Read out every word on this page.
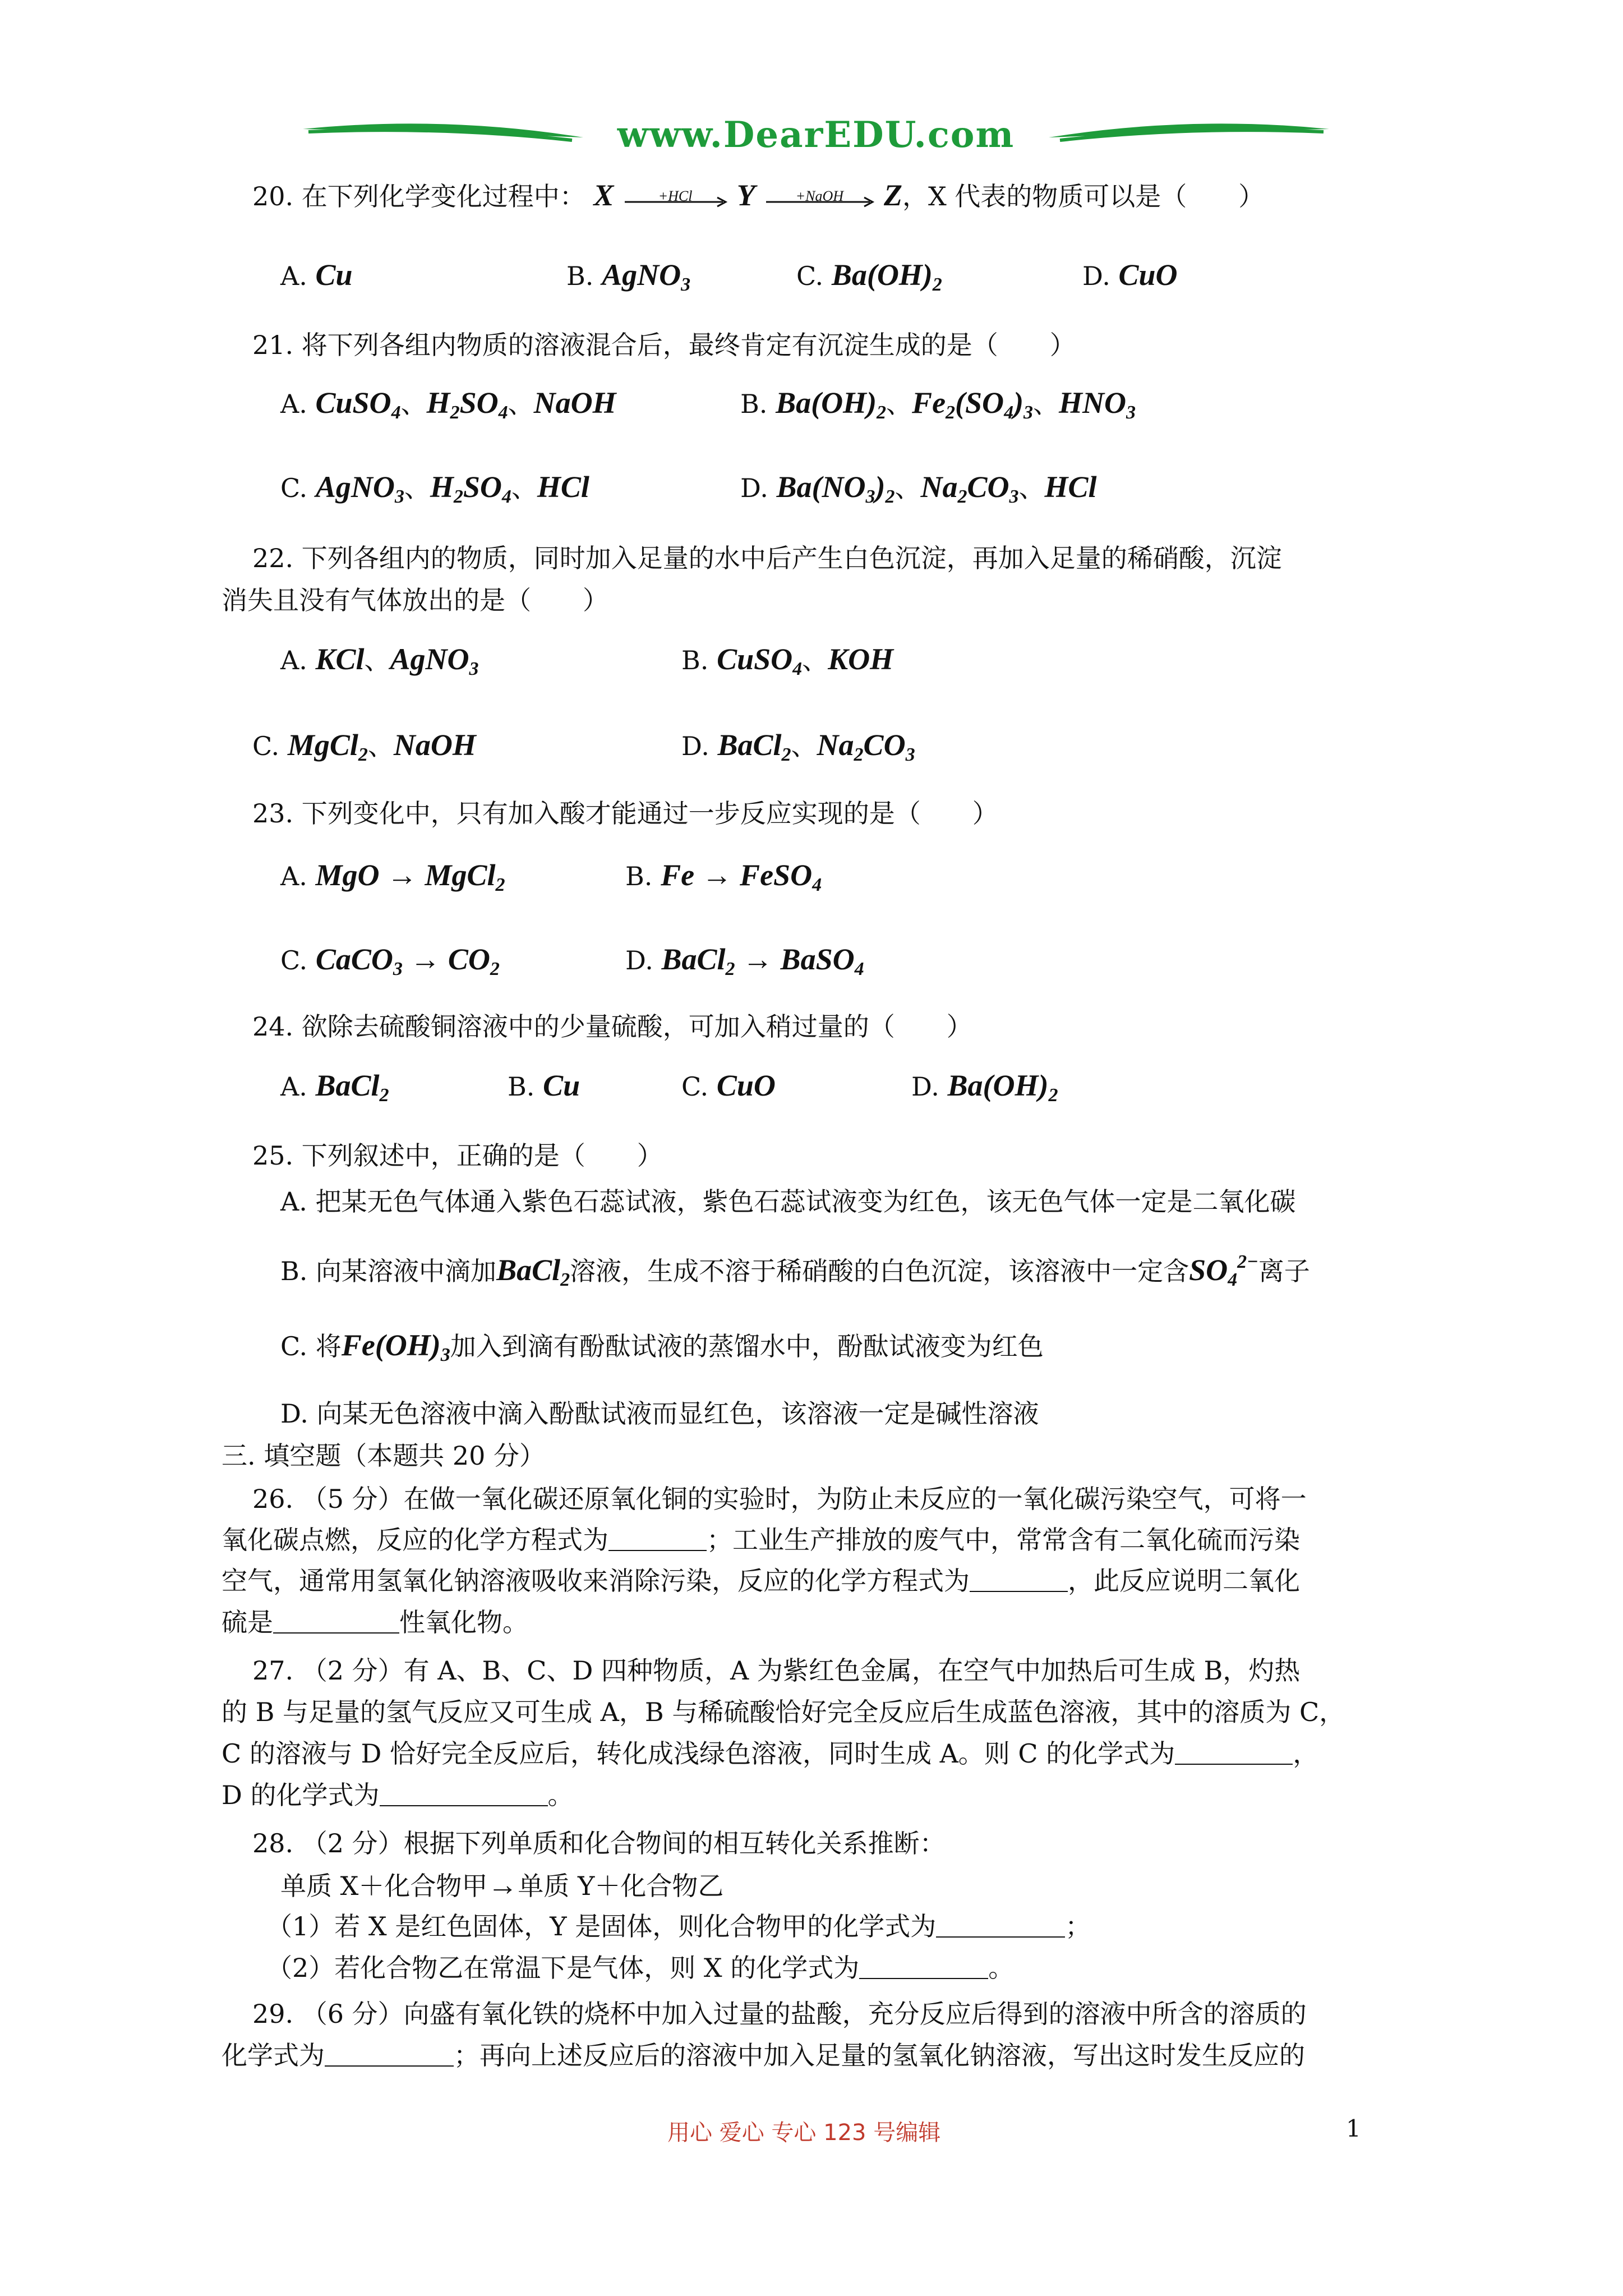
www.DearEDU.com
20. 在下列化学变化过程中： X	+HCl	Y	+NaOH	Z，X 代表的物质可以是（　　）
A. Cu	B. AgNO$_3$	C. $Ba(OH)_2$	D. CuO
21. 将下列各组内物质的溶液混合后，最终肯定有沉淀生成的是（　　）
A. CuSO$_4$、$H_2SO_4$、NaOH	B. $Ba(OH)_2$、$Fe_2(SO_4)_3$、$HNO_3$
C. AgNO$_3$、$H_2SO_4$、HCl	D. $Ba(NO_3)_2$、$Na_2CO_3$、HCl
22. 下列各组内的物质，同时加入足量的水中后产生白色沉淀，再加入足量的稀硝酸，沉淀
消失且没有气体放出的是（　　）
A. KCl、AgNO$_3$	B. CuSO$_4$、KOH
C. MgCl$_2$、NaOH	D. BaCl$_2$、$Na_2CO_3$
23. 下列变化中，只有加入酸才能通过一步反应实现的是（　　）
A. MgO → MgCl$_2$	B. Fe → FeSO$_4$
C. CaCO$_3$ → $CO_2$	D. BaCl$_2$ → BaSO$_4$
24. 欲除去硫酸铜溶液中的少量硫酸，可加入稍过量的（　　）
A. BaCl$_2$	B. Cu	C. CuO	D. $Ba(OH)_2$
25. 下列叙述中，正确的是（　　）
A. 把某无色气体通入紫色石蕊试液，紫色石蕊试液变为红色，该无色气体一定是二氧化碳
B. 向某溶液中滴加BaCl$_2$溶液，生成不溶于稀硝酸的白色沉淀，该溶液中一定含$SO_4^{2-}$离子
C. 将$Fe(OH)_3$加入到滴有酚酞试液的蒸馏水中，酚酞试液变为红色
D. 向某无色溶液中滴入酚酞试液而显红色，该溶液一定是碱性溶液
三. 填空题（本题共 20 分）
26. （5 分）在做一氧化碳还原氧化铜的实验时，为防止未反应的一氧化碳污染空气，可将一
氧化碳点燃，反应的化学方程式为	；工业生产排放的废气中，常常含有二氧化硫而污染
空气，通常用氢氧化钠溶液吸收来消除污染，反应的化学方程式为	，此反应说明二氧化
硫是	性氧化物。
27. （2 分）有 A、B、C、D 四种物质，A 为紫红色金属，在空气中加热后可生成 B，灼热
的 B 与足量的氢气反应又可生成 A，B 与稀硫酸恰好完全反应后生成蓝色溶液，其中的溶质为 C，
C 的溶液与 D 恰好完全反应后，转化成浅绿色溶液，同时生成 A。则 C 的化学式为	，
D 的化学式为	。
28. （2 分）根据下列单质和化合物间的相互转化关系推断：
单质 X＋化合物甲→单质 Y＋化合物乙
（1）若 X 是红色固体，Y 是固体，则化合物甲的化学式为	；
（2）若化合物乙在常温下是气体，则 X 的化学式为	。
29. （6 分）向盛有氧化铁的烧杯中加入过量的盐酸，充分反应后得到的溶液中所含的溶质的
化学式为	；再向上述反应后的溶液中加入足量的氢氧化钠溶液，写出这时发生反应的
用心 爱心 专心 123 号编辑	1
